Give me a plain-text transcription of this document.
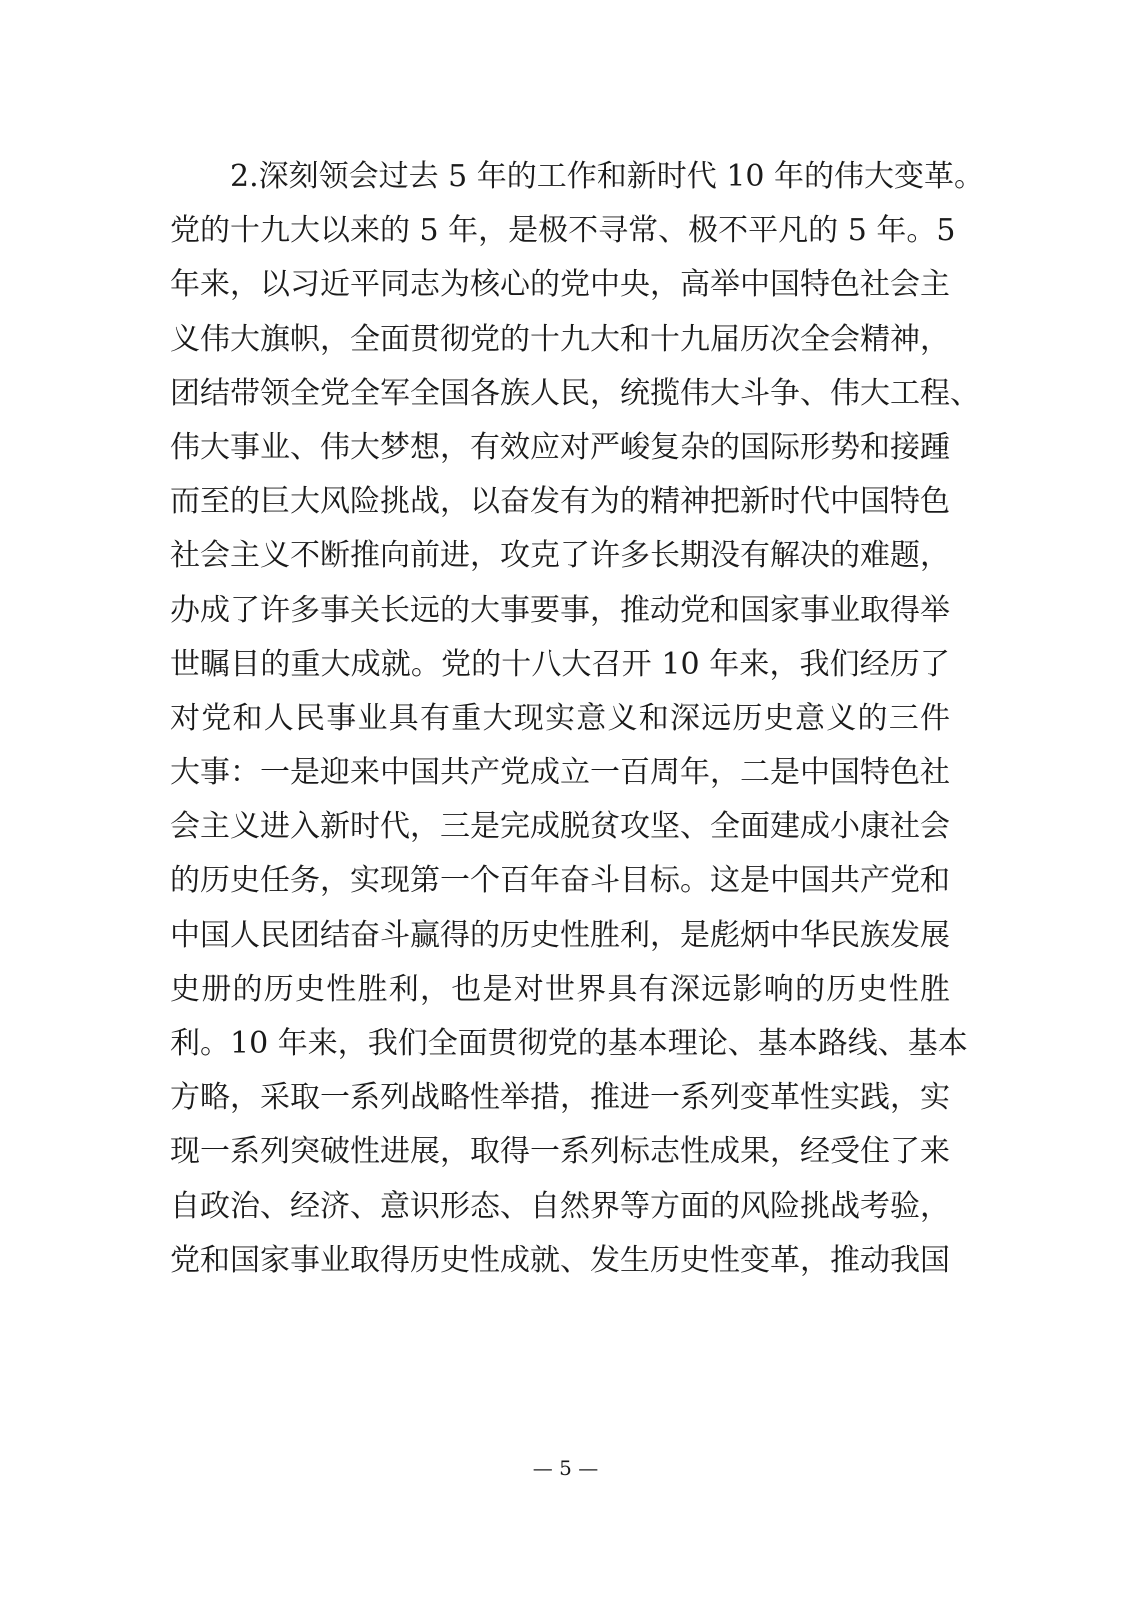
2.深刻领会过去 5 年的工作和新时代 10 年的伟大变革。
党的十九大以来的 5 年，是极不寻常、极不平凡的 5 年。5
年来，以习近平同志为核心的党中央，高举中国特色社会主
义伟大旗帜，全面贯彻党的十九大和十九届历次全会精神，
团结带领全党全军全国各族人民，统揽伟大斗争、伟大工程、
伟大事业、伟大梦想，有效应对严峻复杂的国际形势和接踵
而至的巨大风险挑战，以奋发有为的精神把新时代中国特色
社会主义不断推向前进，攻克了许多长期没有解决的难题，
办成了许多事关长远的大事要事，推动党和国家事业取得举
世瞩目的重大成就。党的十八大召开 10 年来，我们经历了
对党和人民事业具有重大现实意义和深远历史意义的三件
大事：一是迎来中国共产党成立一百周年，二是中国特色社
会主义进入新时代，三是完成脱贫攻坚、全面建成小康社会
的历史任务，实现第一个百年奋斗目标。这是中国共产党和
中国人民团结奋斗赢得的历史性胜利，是彪炳中华民族发展
史册的历史性胜利，也是对世界具有深远影响的历史性胜
利。10 年来，我们全面贯彻党的基本理论、基本路线、基本
方略，采取一系列战略性举措，推进一系列变革性实践，实
现一系列突破性进展，取得一系列标志性成果，经受住了来
自政治、经济、意识形态、自然界等方面的风险挑战考验，
党和国家事业取得历史性成就、发生历史性变革，推动我国
— 5 —
